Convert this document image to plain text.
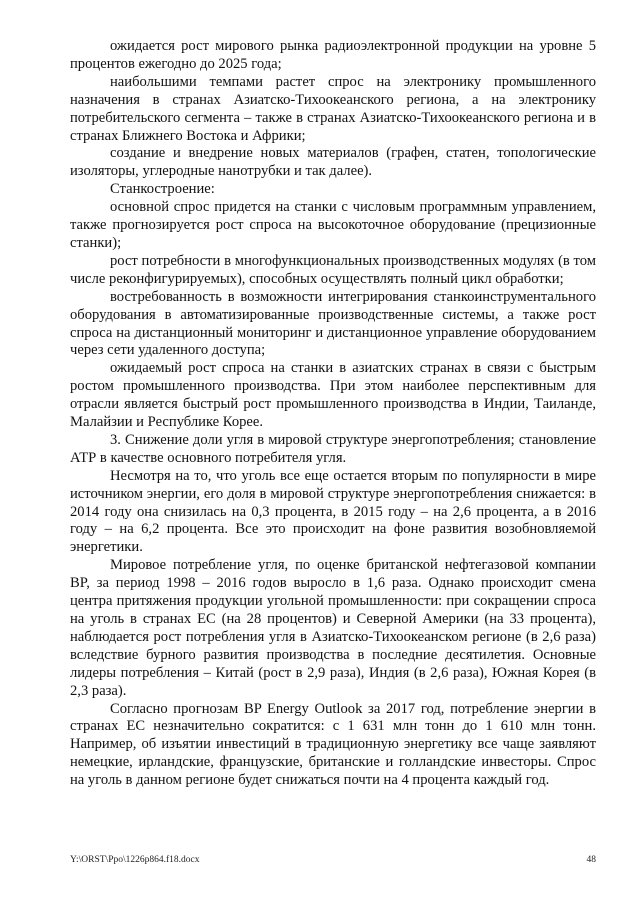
ожидается рост мирового рынка радиоэлектронной продукции на уровне 5 процентов ежегодно до 2025 года;

наибольшими темпами растет спрос на электронику промышленного назначения в странах Азиатско-Тихоокеанского региона, а на электронику потребительского сегмента – также в странах Азиатско-Тихоокеанского региона и в странах Ближнего Востока и Африки;

создание и внедрение новых материалов (графен, статен, топологические изоляторы, углеродные нанотрубки и так далее).

Станкостроение:

основной спрос придется на станки с числовым программным управлением, также прогнозируется рост спроса на высокоточное оборудование (прецизионные станки);

рост потребности в многофункциональных производственных модулях (в том числе реконфигурируемых), способных осуществлять полный цикл обработки;

востребованность в возможности интегрирования станкоинструментального оборудования в автоматизированные производственные системы, а также рост спроса на дистанционный мониторинг и дистанционное управление оборудованием через сети удаленного доступа;

ожидаемый рост спроса на станки в азиатских странах в связи с быстрым ростом промышленного производства. При этом наиболее перспективным для отрасли является быстрый рост промышленного производства в Индии, Таиланде, Малайзии и Республике Корее.

3. Снижение доли угля в мировой структуре энергопотребления; становление АТР в качестве основного потребителя угля.

Несмотря на то, что уголь все еще остается вторым по популярности в мире источником энергии, его доля в мировой структуре энергопотребления снижается: в 2014 году она снизилась на 0,3 процента, в 2015 году – на 2,6 процента, а в 2016 году – на 6,2 процента. Все это происходит на фоне развития возобновляемой энергетики.

Мировое потребление угля, по оценке британской нефтегазовой компании BP, за период 1998 – 2016 годов выросло в 1,6 раза. Однако происходит смена центра притяжения продукции угольной промышленности: при сокращении спроса на уголь в странах ЕС (на 28 процентов) и Северной Америки (на 33 процента), наблюдается рост потребления угля в Азиатско-Тихоокеанском регионе (в 2,6 раза) вследствие бурного развития производства в последние десятилетия. Основные лидеры потребления – Китай (рост в 2,9 раза), Индия (в 2,6 раза), Южная Корея (в 2,3 раза).

Согласно прогнозам BP Energy Outlook за 2017 год, потребление энергии в странах ЕС незначительно сократится: с 1 631 млн тонн до 1 610 млн тонн. Например, об изъятии инвестиций в традиционную энергетику все чаще заявляют немецкие, ирландские, французские, британские и голландские инвесторы. Спрос на уголь в данном регионе будет снижаться почти на 4 процента каждый год.

Y:\ORST\Ppo\1226p864.f18.docx	48
